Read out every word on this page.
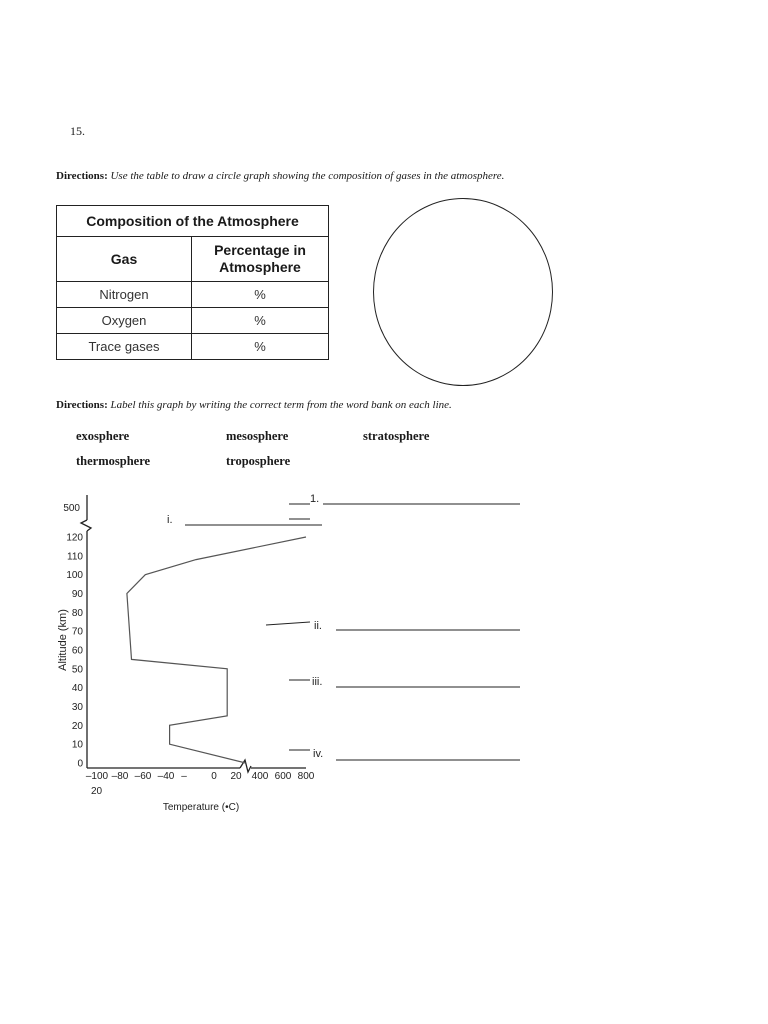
15.
Directions: Use the table to draw a circle graph showing the composition of gases in the atmosphere.
Composition of the Atmosphere	
Gas	Percentage in Atmosphere
Nitrogen	%
Oxygen	%
Trace gases	%
Directions: Label this graph by writing the correct term from the word bank on each line.
exosphere	mesosphere	stratosphere
thermosphere	troposphere
500
0
10
20
30
40
50
60
70
80
90
100
110
120
–100 –80 –60 –40 – 0 20 400 600 800
20
Altitude (km)
Temperature (•C)
1.
i.
ii.
iii.
iv.
